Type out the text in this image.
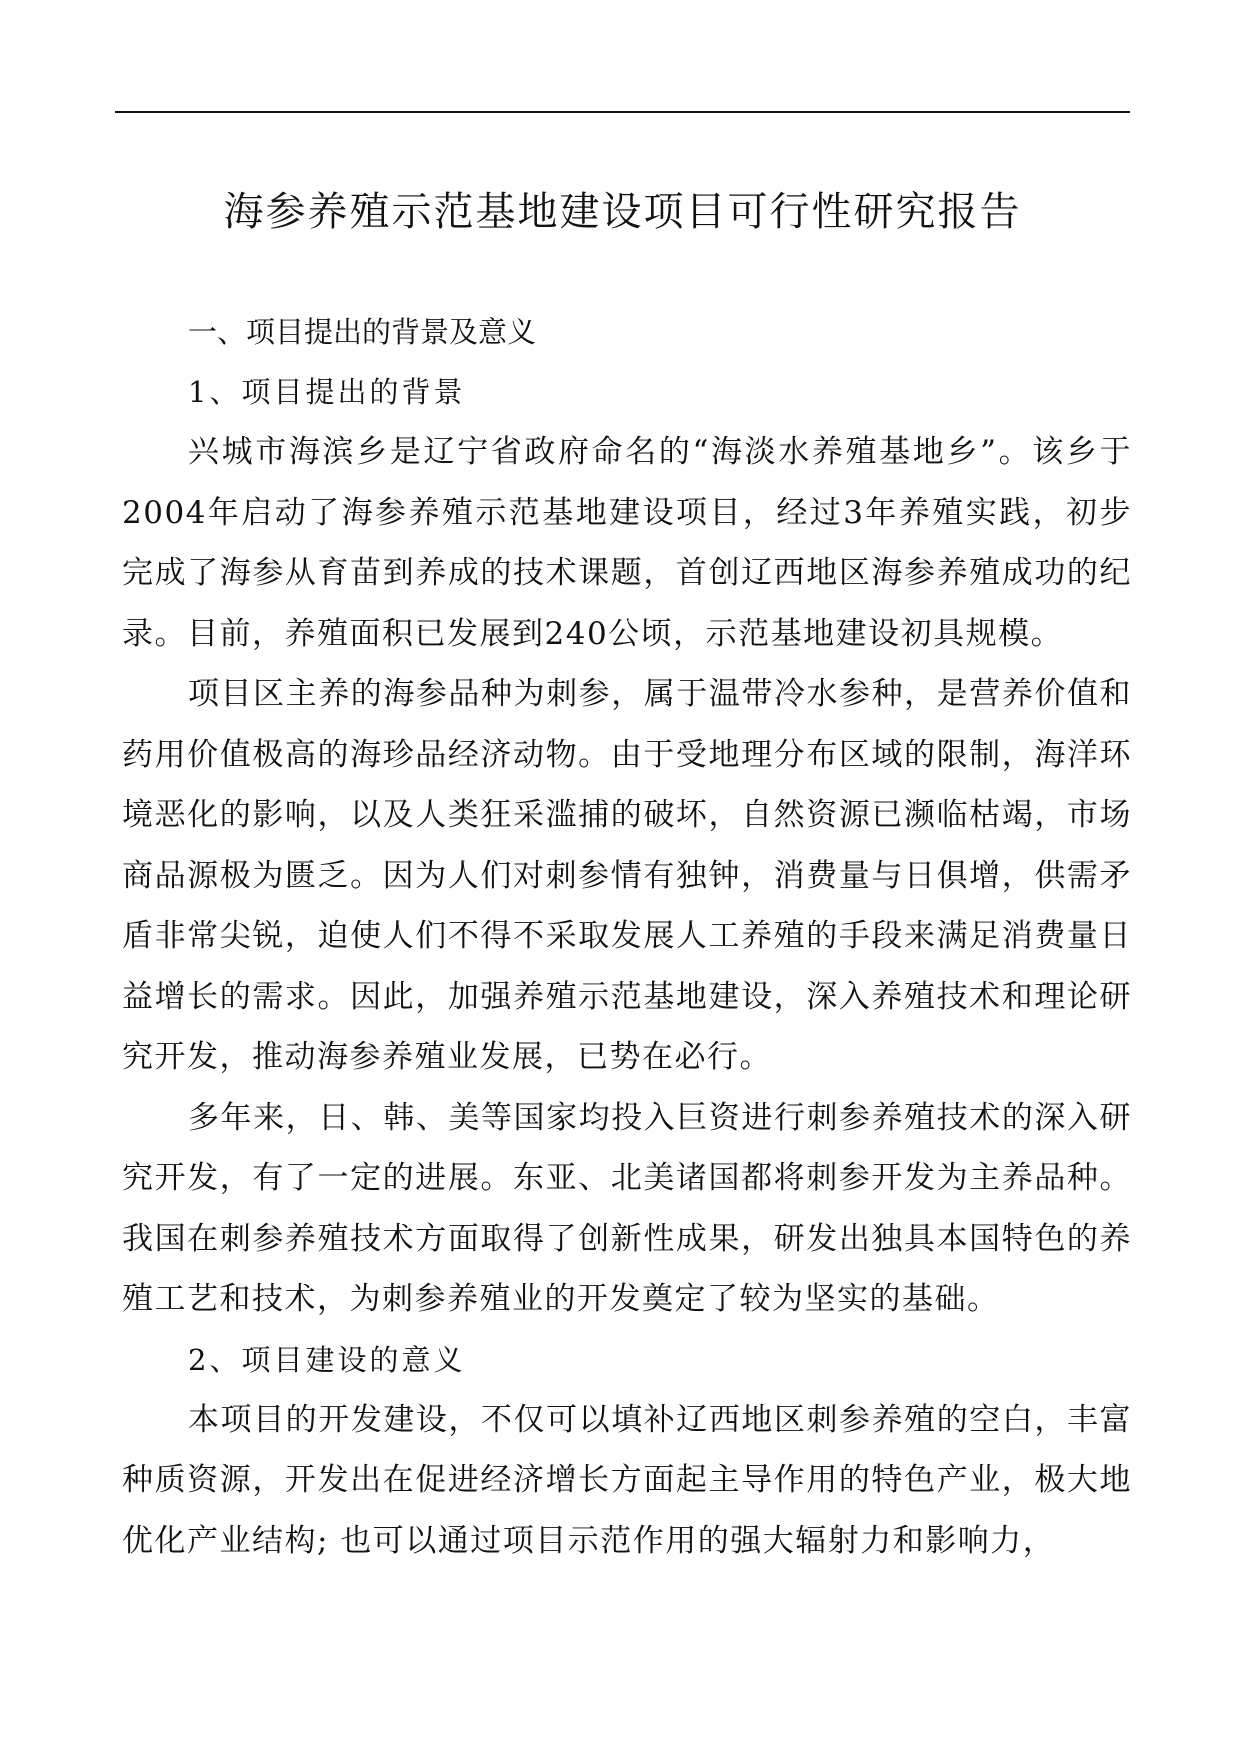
海参养殖示范基地建设项目可行性研究报告
一、项目提出的背景及意义
1、项目提出的背景

兴城市海滨乡是辽宁省政府命名的“海淡水养殖基地乡”。该乡于2004年启动了海参养殖示范基地建设项目，经过3年养殖实践，初步完成了海参从育苗到养成的技术课题，首创辽西地区海参养殖成功的纪录。目前，养殖面积已发展到240公顷，示范基地建设初具规模。

项目区主养的海参品种为刺参，属于温带冷水参种，是营养价值和药用价值极高的海珍品经济动物。由于受地理分布区域的限制，海洋环境恶化的影响，以及人类狂采滥捕的破坏，自然资源已濒临枯竭，市场商品源极为匮乏。因为人们对刺参情有独钟，消费量与日俱增，供需矛盾非常尖锐，迫使人们不得不采取发展人工养殖的手段来满足消费量日益增长的需求。因此，加强养殖示范基地建设，深入养殖技术和理论研究开发，推动海参养殖业发展，已势在必行。

多年来，日、韩、美等国家均投入巨资进行刺参养殖技术的深入研究开发，有了一定的进展。东亚、北美诸国都将刺参开发为主养品种。我国在刺参养殖技术方面取得了创新性成果，研发出独具本国特色的养殖工艺和技术，为刺参养殖业的开发奠定了较为坚实的基础。

2、项目建设的意义

本项目的开发建设，不仅可以填补辽西地区刺参养殖的空白，丰富种质资源，开发出在促进经济增长方面起主导作用的特色产业，极大地优化产业结构; 也可以通过项目示范作用的强大辐射力和影响力，
